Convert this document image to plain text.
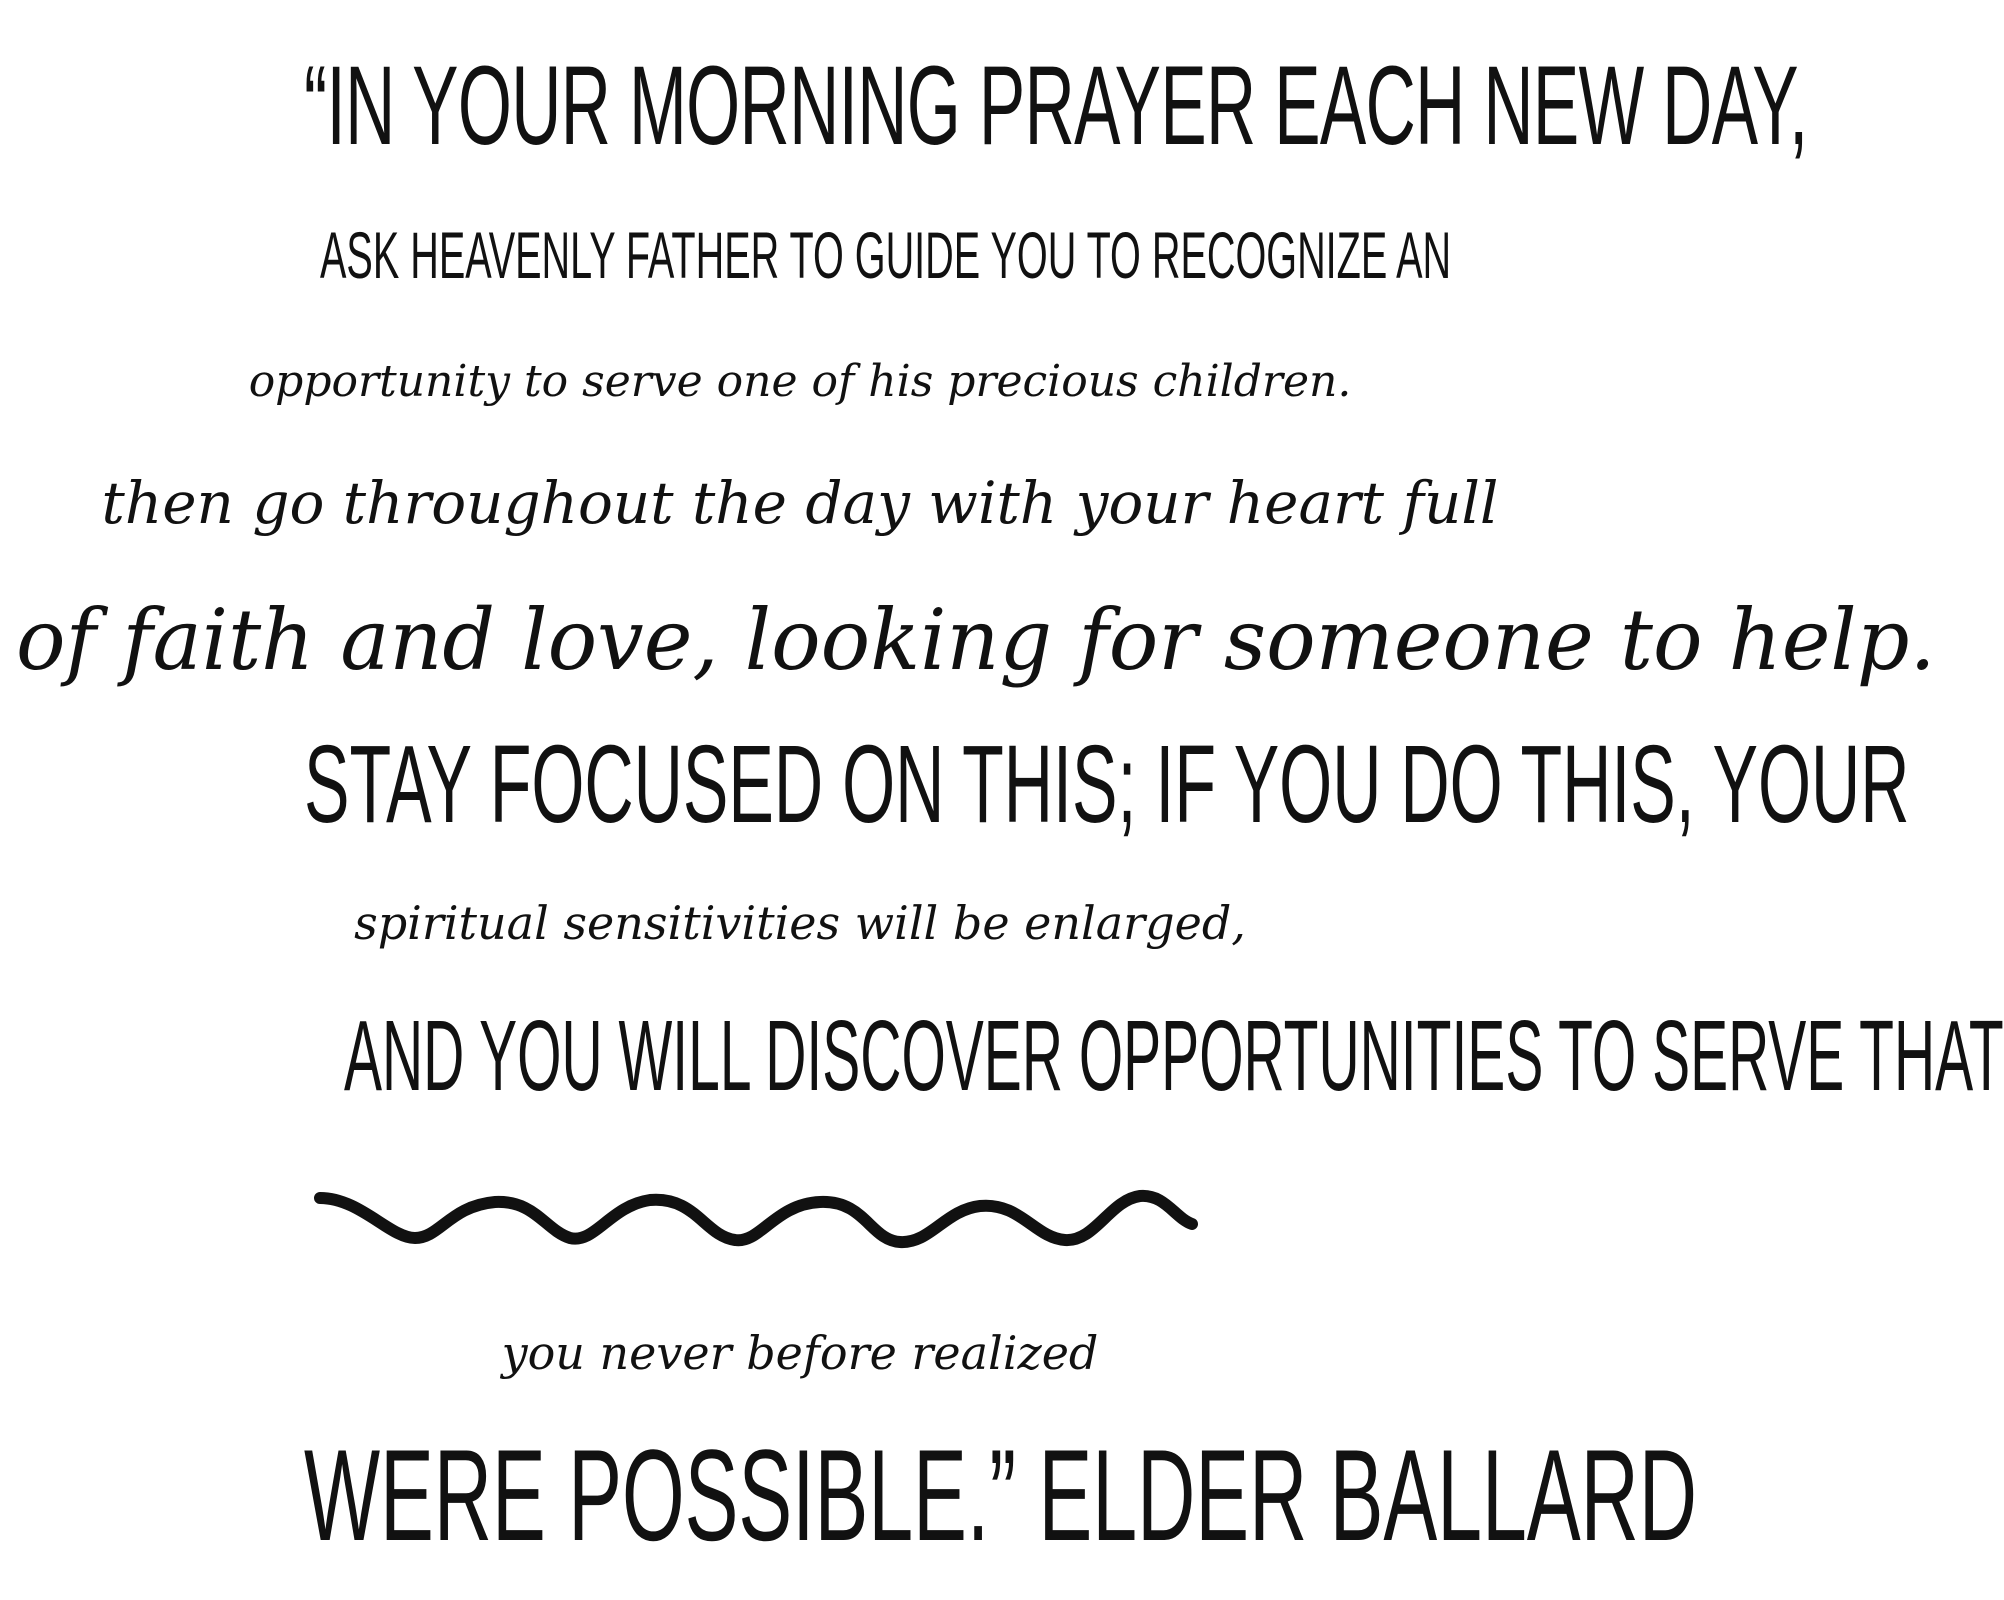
“IN YOUR MORNING PRAYER EACH NEW DAY,
ASK HEAVENLY FATHER TO GUIDE YOU TO RECOGNIZE AN
opportunity to serve one of his precious children.
then go throughout the day with your heart full
of faith and love, looking for someone to help.
STAY FOCUSED ON THIS; IF YOU DO THIS, YOUR
spiritual sensitivities will be enlarged,
AND YOU WILL DISCOVER OPPORTUNITIES TO SERVE THAT
you never before realized
WERE POSSIBLE.” ELDER BALLARD
